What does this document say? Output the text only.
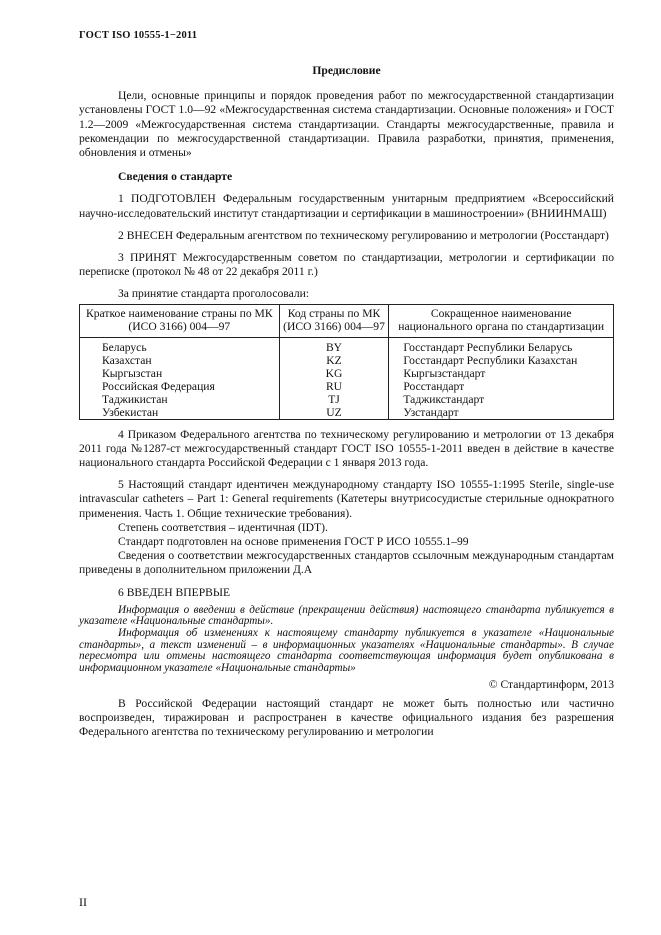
ГОСТ ISO 10555-1−2011

Предисловие

Цели, основные принципы и порядок проведения работ по межгосударственной стандартизации установлены ГОСТ 1.0—92 «Межгосударственная система стандартизации. Основные положения» и ГОСТ 1.2—2009 «Межгосударственная система стандартизации. Стандарты межгосударственные, правила и рекомендации по межгосударственной стандартизации. Правила разработки, принятия, применения, обновления и отмены»

Сведения о стандарте

1 ПОДГОТОВЛЕН Федеральным государственным унитарным предприятием «Всероссийский научно-исследовательский институт стандартизации и сертификации в машиностроении» (ВНИИНМАШ)

2 ВНЕСЕН Федеральным агентством по техническому регулированию и метрологии (Росстандарт)

3 ПРИНЯТ Межгосударственным советом по стандартизации, метрологии и сертификации по переписке (протокол № 48 от 22 декабря 2011 г.)

За принятие стандарта проголосовали:

Краткое наименование страны по МК (ИСО 3166) 004—97	Код страны по МК (ИСО 3166) 004—97	Сокращенное наименование национального органа по стандартизации
Беларусь	BY	Госстандарт Республики Беларусь
Казахстан	KZ	Госстандарт Республики Казахстан
Кыргызстан	KG	Кыргызстандарт
Российская Федерация	RU	Росстандарт
Таджикистан	TJ	Таджикстандарт
Узбекистан	UZ	Узстандарт

4 Приказом Федерального агентства по техническому регулированию и метрологии от 13 декабря 2011 года №1287-ст межгосударственный стандарт ГОСТ ISO 10555-1-2011 введен в действие в качестве национального стандарта Российской Федерации с 1 января 2013 года.

5 Настоящий стандарт идентичен международному стандарту ISO 10555-1:1995 Sterile, single-use intravascular catheters – Part 1: General requirements (Катетеры внутрисосудистые стерильные однократного применения. Часть 1. Общие технические требования).

Степень соответствия – идентичная (IDT).

Стандарт подготовлен на основе применения ГОСТ Р ИСО 10555.1–99

Сведения о соответствии межгосударственных стандартов ссылочным международным стандартам приведены в дополнительном приложении Д.А

6 ВВЕДЕН ВПЕРВЫЕ

Информация о введении в действие (прекращении действия) настоящего стандарта публикуется в указателе «Национальные стандарты».

Информация об изменениях к настоящему стандарту публикуется в указателе «Национальные стандарты», а текст изменений – в информационных указателях «Национальные стандарты». В случае пересмотра или отмены настоящего стандарта соответствующая информация будет опубликована в информационном указателе «Национальные стандарты»

© Стандартинформ, 2013

В Российской Федерации настоящий стандарт не может быть полностью или частично воспроизведен, тиражирован и распространен в качестве официального издания без разрешения Федерального агентства по техническому регулированию и метрологии

II
